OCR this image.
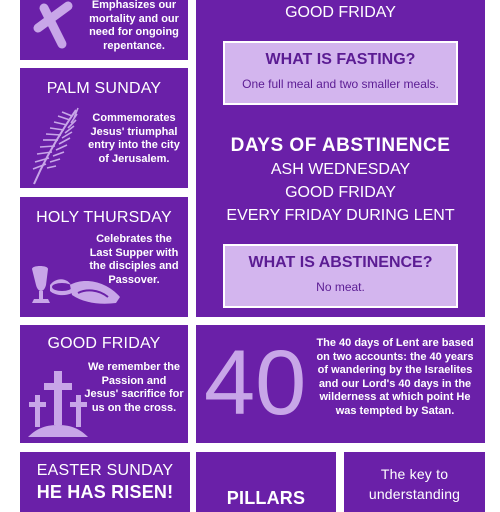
Emphasizes our mortality and our need for ongoing repentance.
PALM SUNDAY
Commemorates Jesus' triumphal entry into the city of Jerusalem.
HOLY THURSDAY
Celebrates the Last Supper with the disciples and Passover.
GOOD FRIDAY
We remember the Passion and Jesus' sacrifice for us on the cross.
EASTER SUNDAY
HE HAS RISEN!
GOOD FRIDAY
WHAT IS FASTING?
One full meal and two smaller meals.
DAYS OF ABSTINENCE
ASH WEDNESDAY
GOOD FRIDAY
EVERY FRIDAY DURING LENT
WHAT IS ABSTINENCE?
No meat.
40 The 40 days of Lent are based on two accounts: the 40 years of wandering by the Israelites and our Lord's 40 days in the wilderness at which point He was tempted by Satan.
PILLARS
The key to understanding
